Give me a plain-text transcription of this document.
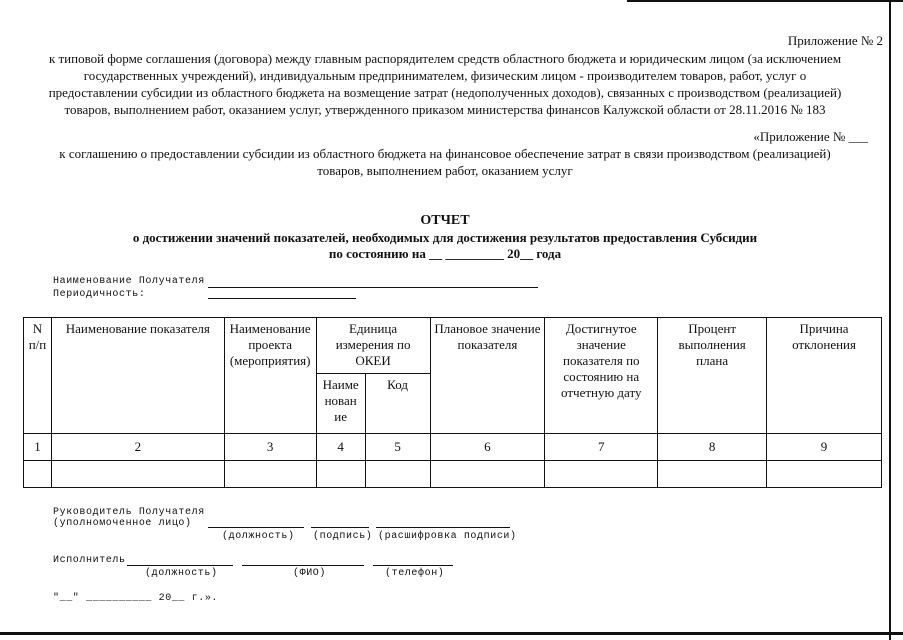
Приложение № 2
к типовой форме соглашения (договора) между главным распорядителем средств областного бюджета и юридическим лицом (за исключением
государственных учреждений), индивидуальным предпринимателем, физическим лицом - производителем товаров, работ, услуг о
предоставлении субсидии из областного бюджета на возмещение затрат (недополученных доходов), связанных с производством (реализацией)
товаров, выполнением работ, оказанием услуг, утвержденного приказом министерства финансов Калужской области от 28.11.2016 № 183
«Приложение № ___
к соглашению о предоставлении субсидии из областного бюджета на финансовое обеспечение затрат в связи производством (реализацией)
товаров, выполнением работ, оказанием услуг
ОТЧЕТ
о достижении значений показателей, необходимых для достижения результатов предоставления Субсидии
по состоянию на __ _________ 20__ года
Наименование Получателя
Периодичность:
N п/п	Наименование показателя	Наименование проекта (мероприятия)	Единица измерения по ОКЕИ		Плановое значение показателя	Достигнутое значение показателя по состоянию на отчетную дату	Процент выполнения плана	Причина отклонения
			Наиме нован ие	Код				
1	2	3	4	5	6	7	8	9

Руководитель Получателя
(уполномоченное лицо)
(должность) (подпись) (расшифровка подписи)
Исполнитель
(должность)	(ФИО)	(телефон)
"__" __________ 20__ г.».
